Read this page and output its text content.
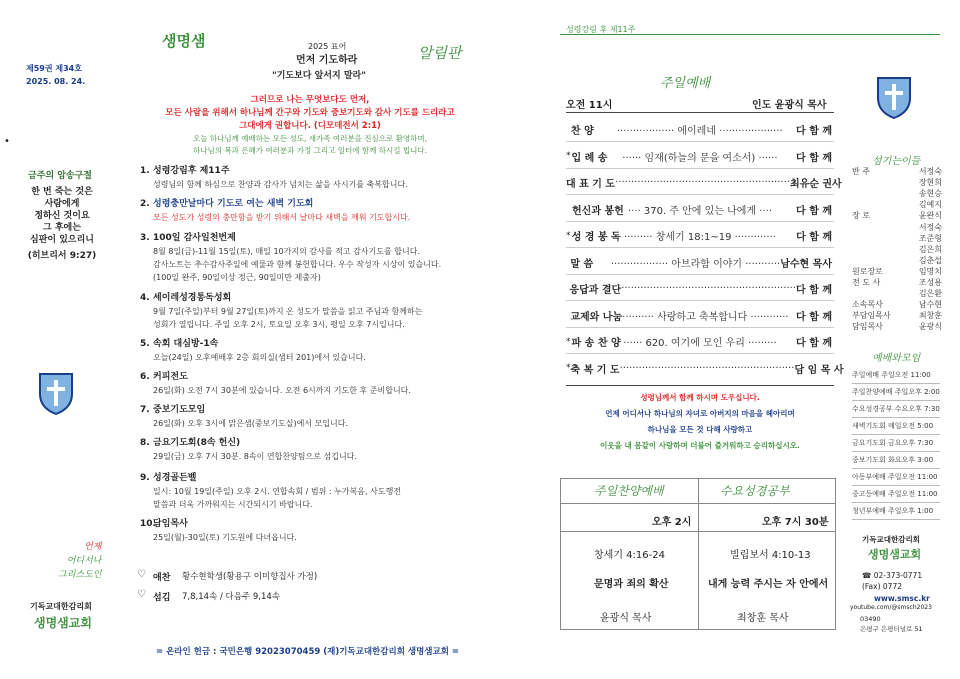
제59권 제34호
2025. 08. 24.
•
금주의 암송구절
한 번 죽는 것은
사람에게
정하신 것이요
그 후에는
심판이 있으리니
(히브리서 9:27)
언제
어디서나
그리스도인
기독교대한감리회
생명샘교회
생명샘	2025 표어
먼저 기도하라
"기도보다 앞서지 말라"
알림판
그러므로 나는 무엇보다도 먼저,
모든 사람을 위해서 하나님께 간구와 기도와 중보기도와 감사 기도를 드리라고
그대에게 권합니다. (디모데전서 2:1)
오늘 하나님께 예배하는 모든 성도, 새가족 여러분을 진심으로 환영하며,
하나님의 복과 은혜가 여러분과 가정 그리고 일터에 함께 하시길 빕니다.
1. 성령강림후 제11주
성령님의 함께 하심으로 찬양과 감사가 넘치는 삶을 사시기를 축복합니다.
2. 성령충만날마다 기도로 여는 새벽 기도회
모든 성도가 성령의 충만함을 받기 위해서 날마다 새벽을 깨워 기도합시다.
3. 100일 감사일천번제
8월 8일(금)-11월 15일(토), 매일 10가지의 감사를 적고 감사기도를 합니다.
감사노트는 추수감사주일에 예물과 함께 봉헌합니다. 우수 작성자 시상이 있습니다.
(100일 완주, 90일이상 정근, 90일미만 제출자)
4. 세이레성경통독성회
9월 7일(주일)부터 9월 27일(토)까지 온 성도가 말씀을 읽고 주님과 함께하는
성회가 열립니다. 주일 오후 2시, 토요일 오후 3시, 평일 오후 7시입니다.
5. 속회 대심방-1속
오늘(24일) 오후예배후 2층 회의실(샘터 201)에서 있습니다.
6. 커피전도
26일(화) 오전 7시 30분에 있습니다. 오전 6시까지 기도한 후 준비합니다.
7. 중보기도모임
26일(화) 오후 3시에 맑은샘(중보기도실)에서 모입니다.
8. 금요기도회(8속 헌신)
29일(금) 오후 7시 30분. 8속이 연합찬양팀으로 섬깁니다.
9. 성경골든벨
일시: 10월 19일(주일) 오후 2시. 연합속회 / 범위 : 누가복음, 사도행전
말씀과 더욱 가까워지는 시간되시기 바랍니다.
10.
담임목사
25일(월)-30일(토) 기도원에 다녀옵니다.
♡ 애찬 황수현학생(황용구 이미향집사 가정)
♡ 섬김 7,8,14속 / 다음주 9,14속
= 온라인 헌금 : 국민은행 92023070459 (재)기독교대한감리회 생명샘교회 =
성령강림 후 제11주
주일예배
오전 11시	인도 윤광식 목사
찬 양	·················· 에이레네 ····················	다 함 께
* 입 례 송	······ 임재(하늘의 문을 여소서) ······	다 함 께
대 표 기 도 ······················································· 최유순 권사
헌신과 봉헌 ···· 370. 주 안에 있는 나에게 ····	다 함 께
* 성 경 봉 독 ········· 창세기 18:1~19 ·············	다 함 께
말 씀	·················· 아브라함 이야기 ··········· 남수현 목사
응답과 결단 ······················································· 다 함 께
교제와 나눔 ·········· 사랑하고 축복합니다 ············ 다 함 께
* 파 송 찬 양 ······ 620. 여기에 모인 우리 ·········	다 함 께
* 축 복 기 도 ······················································· 담 임 목 사
성령님께서 함께 하시며 도우십니다.
언제 어디서나 하나님의 자녀로 아버지의 마음을 헤아리며
하나님을 모든 것 다해 사랑하고
이웃을 내 몸같이 사랑하며 더불어 즐거워하고 승리하십시오.
주일찬양예배	수요성경공부
오후 2시	오후 7시 30분
창세기 4:16-24	빌립보서 4:10-13
문명과 죄의 확산	내게 능력 주시는 자 안에서
윤광식 목사	최창훈 목사
섬기는이들
반 주	서정숙
장현희
송현승
김예지
장 로	윤완식
서정숙
조준형
김은희
김춘섭
원로장로	임명치
전 도 사	조성용
김은환
소속목사	남수현
부담임목사	최창훈
담임목사	윤광식
예배와모임
주일예배 주일오전 11:00
주일찬양예배 주일오후 2:00
수요성경공부 수요오후 7:30
새벽기도회 매일오전 5:00
금요기도회 금요오후 7:30
중보기도회 화요오후 3:00
아동부예배 주일오전 11:00
중고등예배 주일오전 11:00
청년부예배 주일오후 1:00
기독교대한감리회
생명샘교회
☎ 02-373-0771
(Fax) 0772
www.smsc.kr
youtube.com/@smsch2023
03490
은평구 은평터널로 51
